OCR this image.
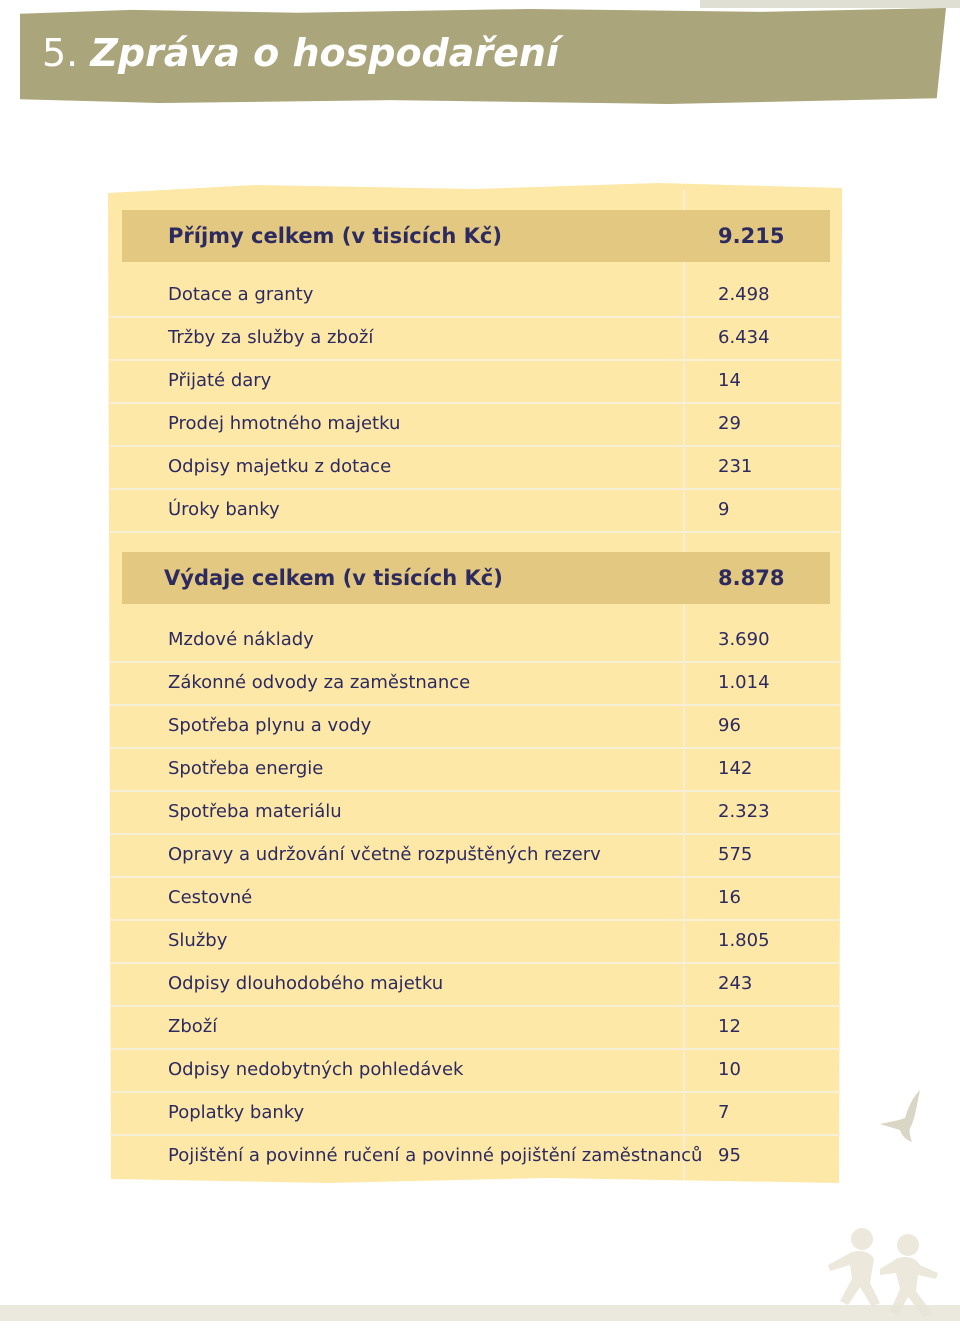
5. Zpráva o hospodaření
Příjmy celkem (v tisících Kč)	9.215
Dotace a granty	2.498
Tržby za služby a zboží	6.434
Přijaté dary	14
Prodej hmotného majetku	29
Odpisy majetku z dotace	231
Úroky banky	9
Výdaje celkem (v tisících Kč)	8.878
Mzdové náklady	3.690
Zákonné odvody za zaměstnance	1.014
Spotřeba plynu a vody	96
Spotřeba energie	142
Spotřeba materiálu	2.323
Opravy a udržování včetně rozpuštěných rezerv	575
Cestovné	16
Služby	1.805
Odpisy dlouhodobého majetku	243
Zboží	12
Odpisy nedobytných pohledávek	10
Poplatky banky	7
Pojištění a povinné ručení a povinné pojištění zaměstnanců 95
